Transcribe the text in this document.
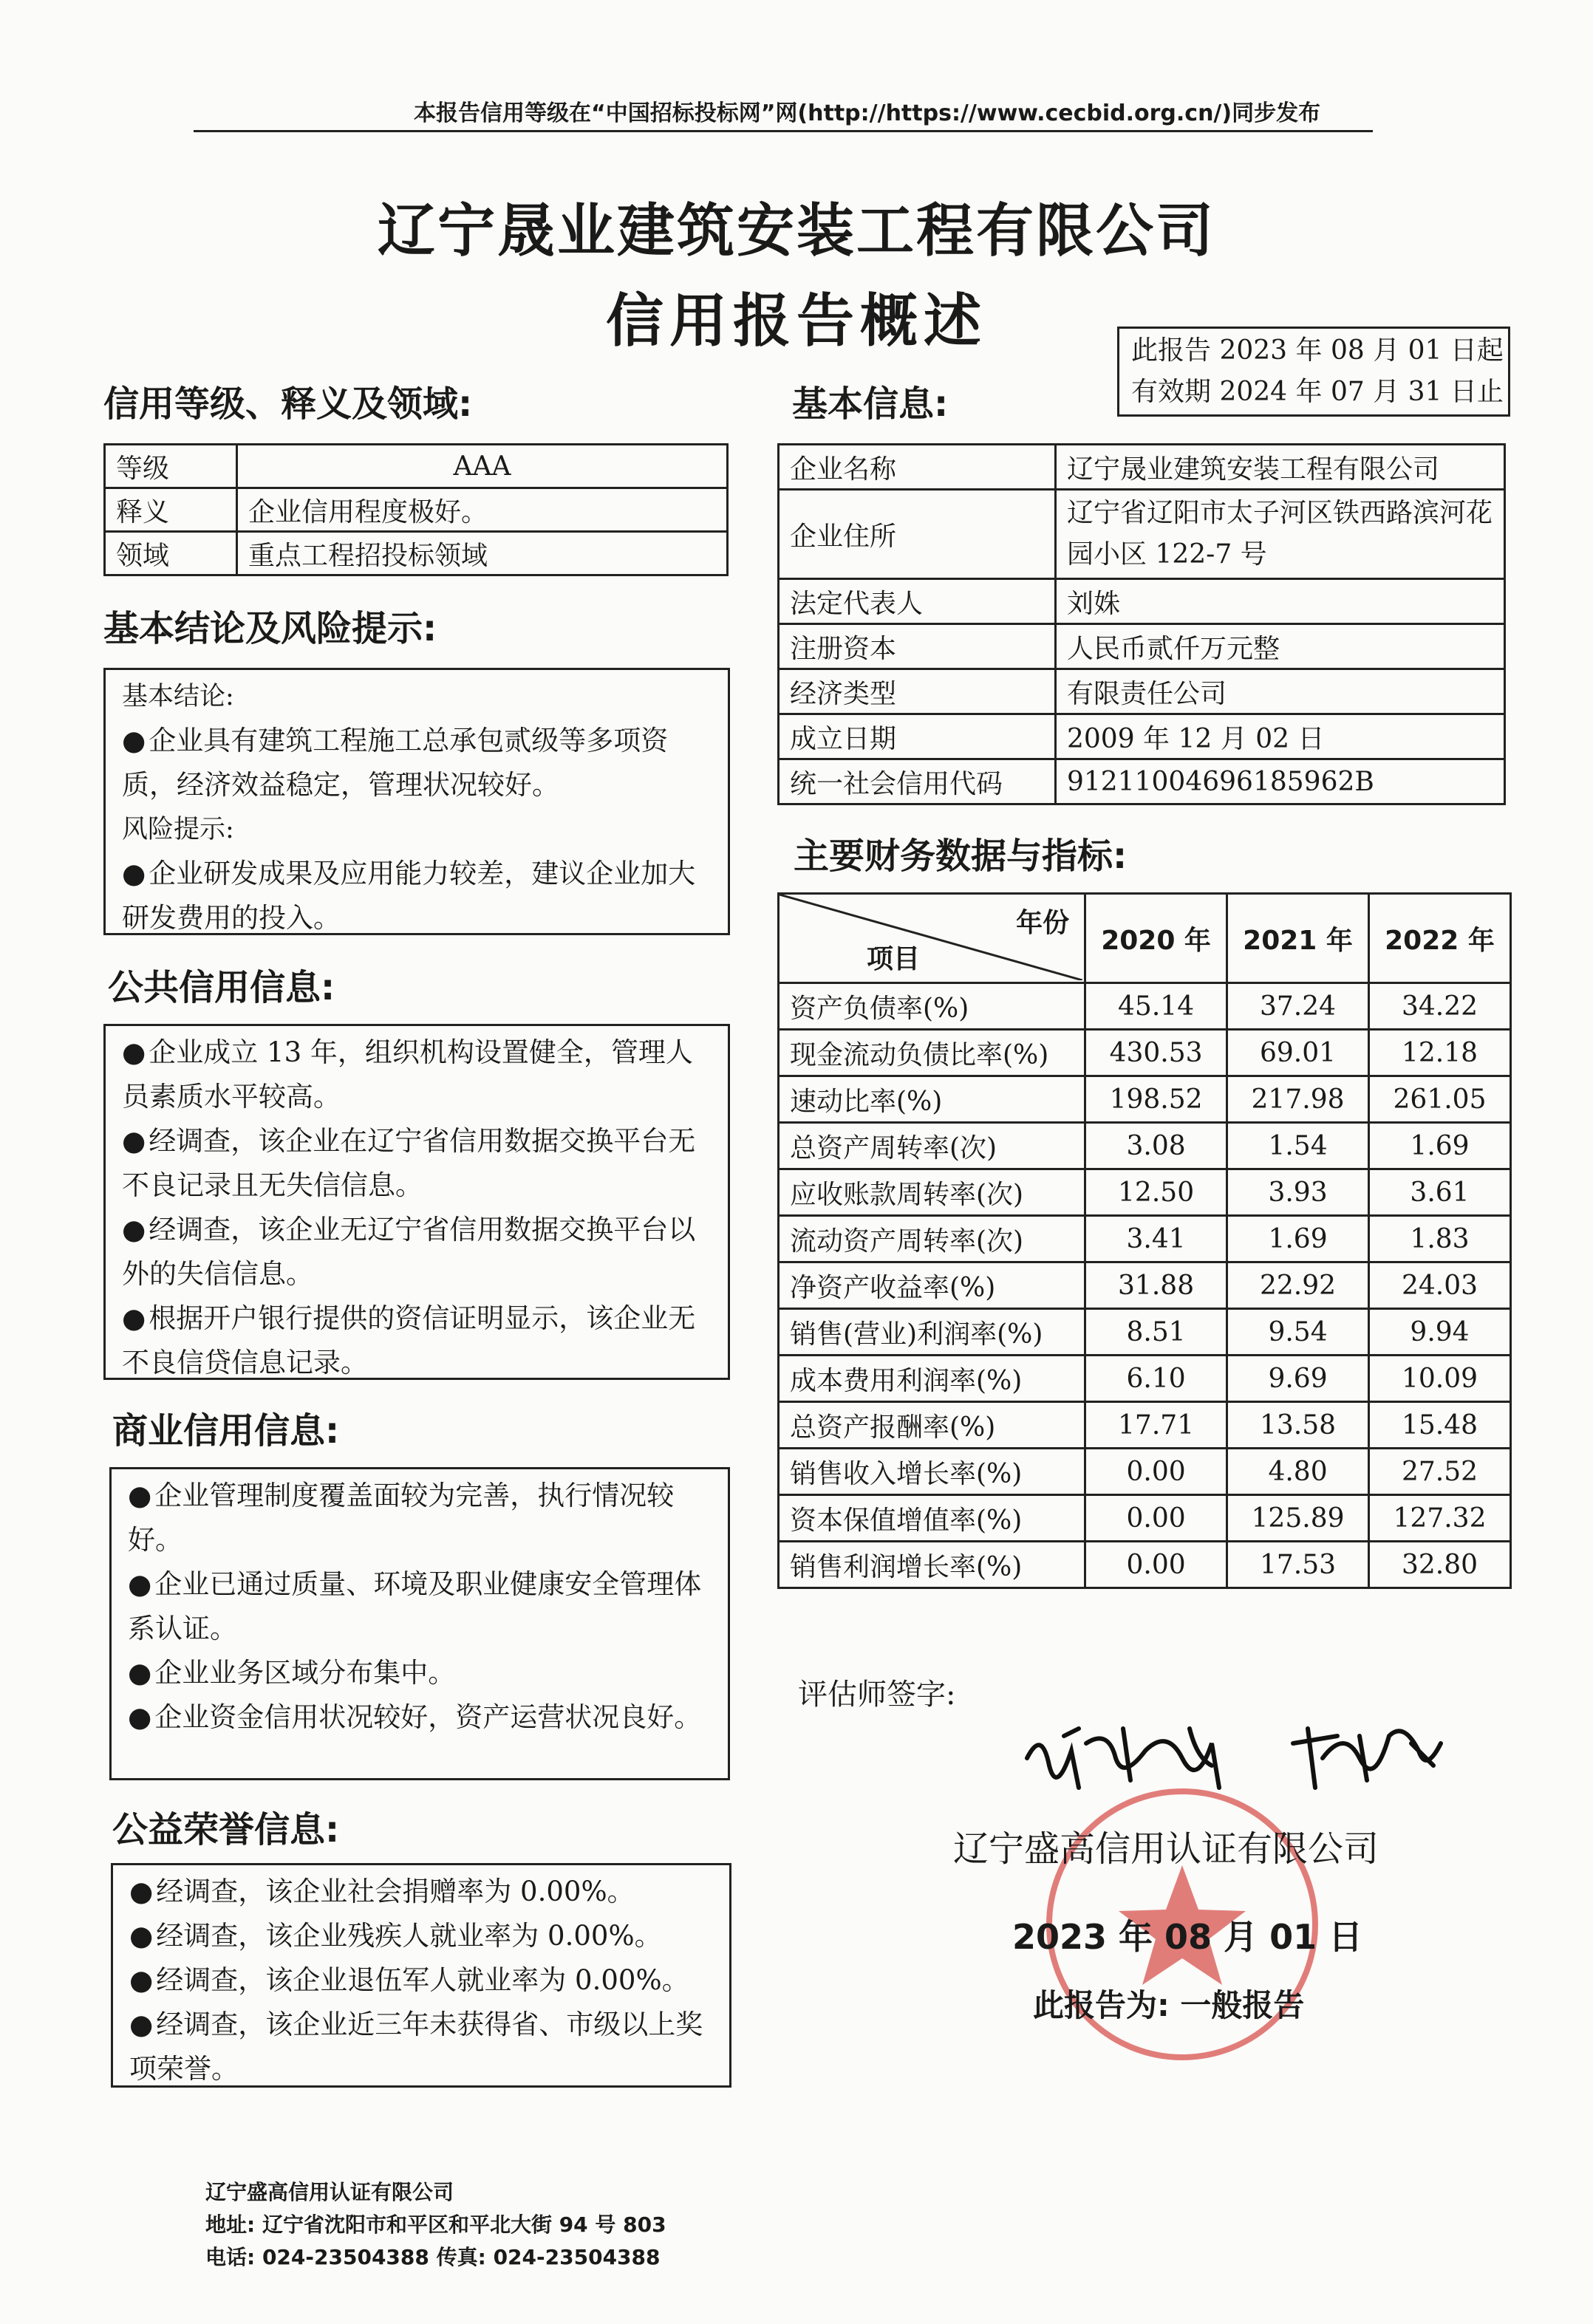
本报告信用等级在“中国招标投标网”网(http://https://www.cecbid.org.cn/)同步发布
辽宁晟业建筑安装工程有限公司
信用报告概述	此报告 2023 年 08 月 01 日起
有效期 2024 年 07 月 31 日止
信用等级、释义及领域:
等级	AAA
释义	企业信用程度极好。
领域	重点工程招投标领域
基本结论及风险提示:
基本结论:
● 企业具有建筑工程施工总承包贰级等多项资质，经济效益稳定，管理状况较好。
风险提示:
● 企业研发成果及应用能力较差，建议企业加大研发费用的投入。
公共信用信息:
● 企业成立 13 年，组织机构设置健全，管理人员素质水平较高。
● 经调查，该企业在辽宁省信用数据交换平台无不良记录且无失信信息。
● 经调查，该企业无辽宁省信用数据交换平台以外的失信信息。
● 根据开户银行提供的资信证明显示，该企业无不良信贷信息记录。
商业信用信息:
● 企业管理制度覆盖面较为完善，执行情况较好。
● 企业已通过质量、环境及职业健康安全管理体系认证。
● 企业业务区域分布集中。
● 企业资金信用状况较好，资产运营状况良好。
公益荣誉信息:
● 经调查，该企业社会捐赠率为 0.00%。
● 经调查，该企业残疾人就业率为 0.00%。
● 经调查，该企业退伍军人就业率为 0.00%。
● 经调查，该企业近三年未获得省、市级以上奖项荣誉。
基本信息:
企业名称	辽宁晟业建筑安装工程有限公司
企业住所	辽宁省辽阳市太子河区铁西路滨河花园小区 122-7 号
法定代表人	刘姝
注册资本	人民币贰仟万元整
经济类型	有限责任公司
成立日期	2009 年 12 月 02 日
统一社会信用代码	91211004696185962B
主要财务数据与指标:
年份
项目	2020 年	2021 年	2022 年
资产负债率(%)	45.14	37.24	34.22
现金流动负债比率(%)	430.53	69.01	12.18
速动比率(%)	198.52	217.98	261.05
总资产周转率(次)	3.08	1.54	1.69
应收账款周转率(次)	12.50	3.93	3.61
流动资产周转率(次)	3.41	1.69	1.83
净资产收益率(%)	31.88	22.92	24.03
销售(营业)利润率(%)	8.51	9.54	9.94
成本费用利润率(%)	6.10	9.69	10.09
总资产报酬率(%)	17.71	13.58	15.48
销售收入增长率(%)	0.00	4.80	27.52
资本保值增值率(%)	0.00	125.89	127.32
销售利润增长率(%)	0.00	17.53	32.80
评估师签字:
辽宁盛高信用认证有限公司
2023 年 08 月 01 日
此报告为: 一般报告
辽宁盛高信用认证有限公司
地址: 辽宁省沈阳市和平区和平北大街 94 号 803
电话: 024-23504388 传真: 024-23504388
